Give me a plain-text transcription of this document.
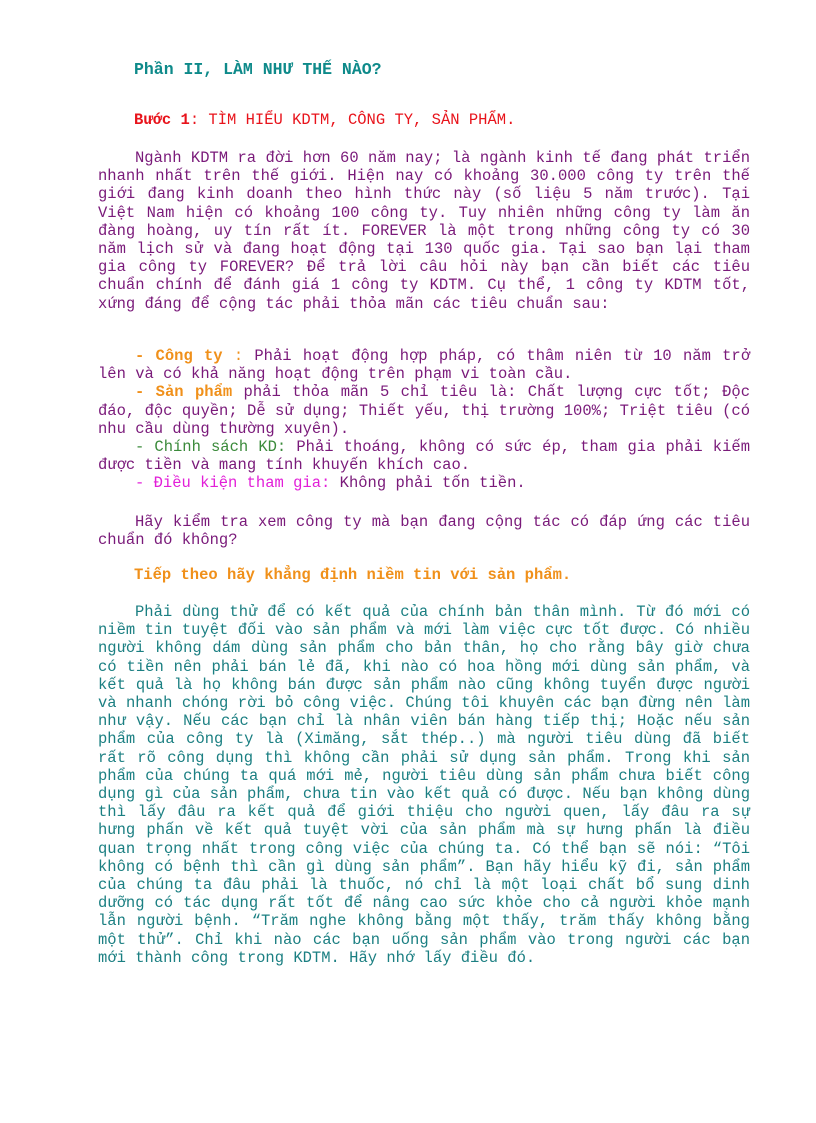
Phần II, LÀM NHƯ THẾ NÀO?
Bước 1: TÌM HIỂU KDTM, CÔNG TY, SẢN PHẨM.

Ngành KDTM ra đời hơn 60 năm nay; là ngành kinh tế đang phát triển nhanh nhất trên thế giới. Hiện nay có khoảng 30.000 công ty trên thế giới đang kinh doanh theo hình thức này (số liệu 5 năm trước). Tại Việt Nam hiện có khoảng 100 công ty. Tuy nhiên những công ty làm ăn đàng hoàng, uy tín rất ít. FOREVER là một trong những công ty có 30 năm lịch sử và đang hoạt động tại 130 quốc gia. Tại sao bạn lại tham gia công ty FOREVER? Để trả lời câu hỏi này bạn cần biết các tiêu chuẩn chính để đánh giá 1 công ty KDTM. Cụ thể, 1 công ty KDTM tốt, xứng đáng để cộng tác phải thỏa mãn các tiêu chuẩn sau:

- Công ty : Phải hoạt động hợp pháp, có thâm niên từ 10 năm trở lên và có khả năng hoạt động trên phạm vi toàn cầu.

- Sản phẩm phải thỏa mãn 5 chỉ tiêu là: Chất lượng cực tốt; Độc đáo, độc quyền; Dễ sử dụng; Thiết yếu, thị trường 100%; Triệt tiêu (có nhu cầu dùng thường xuyên).

- Chính sách KD: Phải thoáng, không có sức ép, tham gia phải kiếm được tiền và mang tính khuyến khích cao.

- Điều kiện tham gia: Không phải tốn tiền.

Hãy kiểm tra xem công ty mà bạn đang cộng tác có đáp ứng các tiêu chuẩn đó không?

Tiếp theo hãy khẳng định niềm tin với sản phẩm.

Phải dùng thử để có kết quả của chính bản thân mình. Từ đó mới có niềm tin tuyệt đối vào sản phẩm và mới làm việc cực tốt được. Có nhiều người không dám dùng sản phẩm cho bản thân, họ cho rằng bây giờ chưa có tiền nên phải bán lẻ đã, khi nào có hoa hồng mới dùng sản phẩm, và kết quả là họ không bán được sản phẩm nào cũng không tuyển được người và nhanh chóng rời bỏ công việc. Chúng tôi khuyên các bạn đừng nên làm như vậy. Nếu các bạn chỉ là nhân viên bán hàng tiếp thị; Hoặc nếu sản phẩm của công ty là (Ximăng, sắt thép..) mà người tiêu dùng đã biết rất rõ công dụng thì không cần phải sử dụng sản phẩm. Trong khi sản phẩm của chúng ta quá mới mẻ, người tiêu dùng sản phẩm chưa biết công dụng gì của sản phẩm, chưa tin vào kết quả có được. Nếu bạn không dùng thì lấy đâu ra kết quả để giới thiệu cho người quen, lấy đâu ra sự hưng phấn về kết quả tuyệt vời của sản phẩm mà sự hưng phấn là điều quan trọng nhất trong công việc của chúng ta. Có thể bạn sẽ nói: “Tôi không có bệnh thì cần gì dùng sản phẩm”. Bạn hãy hiểu kỹ đi, sản phẩm của chúng ta đâu phải là thuốc, nó chỉ là một loại chất bổ sung dinh dưỡng có tác dụng rất tốt để nâng cao sức khỏe cho cả người khỏe mạnh lẫn người bệnh. “Trăm nghe không bằng một thấy, trăm thấy không bằng một thử”. Chỉ khi nào các bạn uống sản phẩm vào trong người các bạn mới thành công trong KDTM. Hãy nhớ lấy điều đó.
